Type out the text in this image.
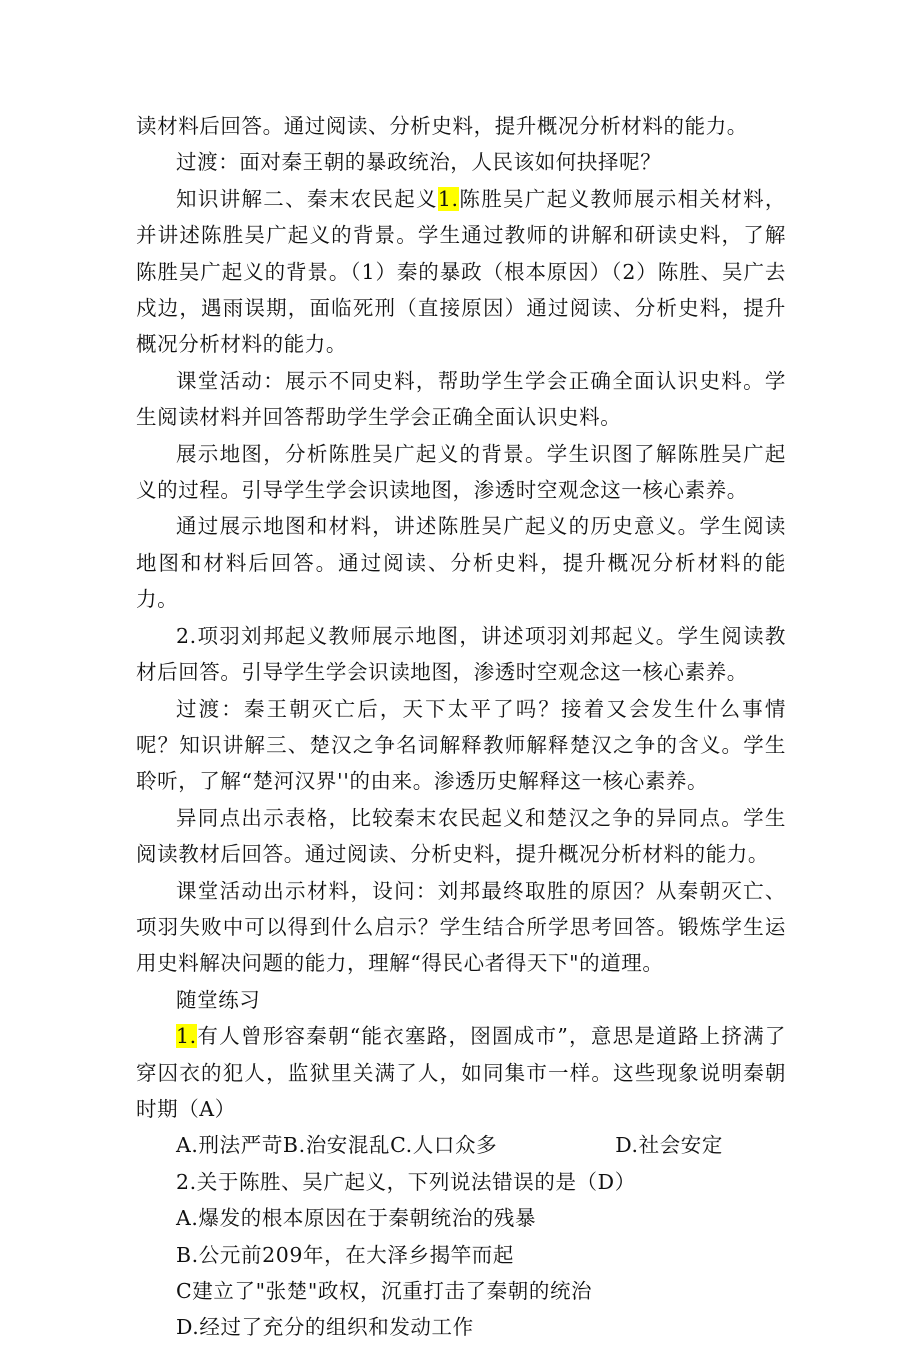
读材料后回答。通过阅读、分析史料，提升概况分析材料的能力。

过渡：面对秦王朝的暴政统治，人民该如何抉择呢？

知识讲解二、秦末农民起义1.陈胜吴广起义教师展示相关材料，并讲述陈胜吴广起义的背景。学生通过教师的讲解和研读史料，了解陈胜吴广起义的背景。（1）秦的暴政（根本原因）（2）陈胜、吴广去戍边，遇雨误期，面临死刑（直接原因）通过阅读、分析史料，提升概况分析材料的能力。

课堂活动：展示不同史料，帮助学生学会正确全面认识史料。学生阅读材料并回答帮助学生学会正确全面认识史料。

展示地图，分析陈胜吴广起义的背景。学生识图了解陈胜吴广起义的过程。引导学生学会识读地图，渗透时空观念这一核心素养。

通过展示地图和材料，讲述陈胜吴广起义的历史意义。学生阅读地图和材料后回答。通过阅读、分析史料，提升概况分析材料的能力。

2.项羽刘邦起义教师展示地图，讲述项羽刘邦起义。学生阅读教材后回答。引导学生学会识读地图，渗透时空观念这一核心素养。

过渡：秦王朝灭亡后，天下太平了吗？接着又会发生什么事情呢？知识讲解三、楚汉之争名词解释教师解释楚汉之争的含义。学生聆听，了解“楚河汉界''的由来。渗透历史解释这一核心素养。

异同点出示表格，比较秦末农民起义和楚汉之争的异同点。学生阅读教材后回答。通过阅读、分析史料，提升概况分析材料的能力。

课堂活动出示材料，设问：刘邦最终取胜的原因？从秦朝灭亡、项羽失败中可以得到什么启示？学生结合所学思考回答。锻炼学生运用史料解决问题的能力，理解“得民心者得天下"的道理。

随堂练习

1.有人曾形容秦朝“能衣塞路，囹圄成市”，意思是道路上挤满了穿囚衣的犯人，监狱里关满了人，如同集市一样。这些现象说明秦朝时期（A）

A.刑法严苛B.治安混乱C.人口众多	D.社会安定

2.关于陈胜、吴广起义，下列说法错误的是（D）

A.爆发的根本原因在于秦朝统治的残暴

B.公元前209年，在大泽乡揭竿而起

C建立了"张楚"政权，沉重打击了秦朝的统治

D.经过了充分的组织和发动工作
